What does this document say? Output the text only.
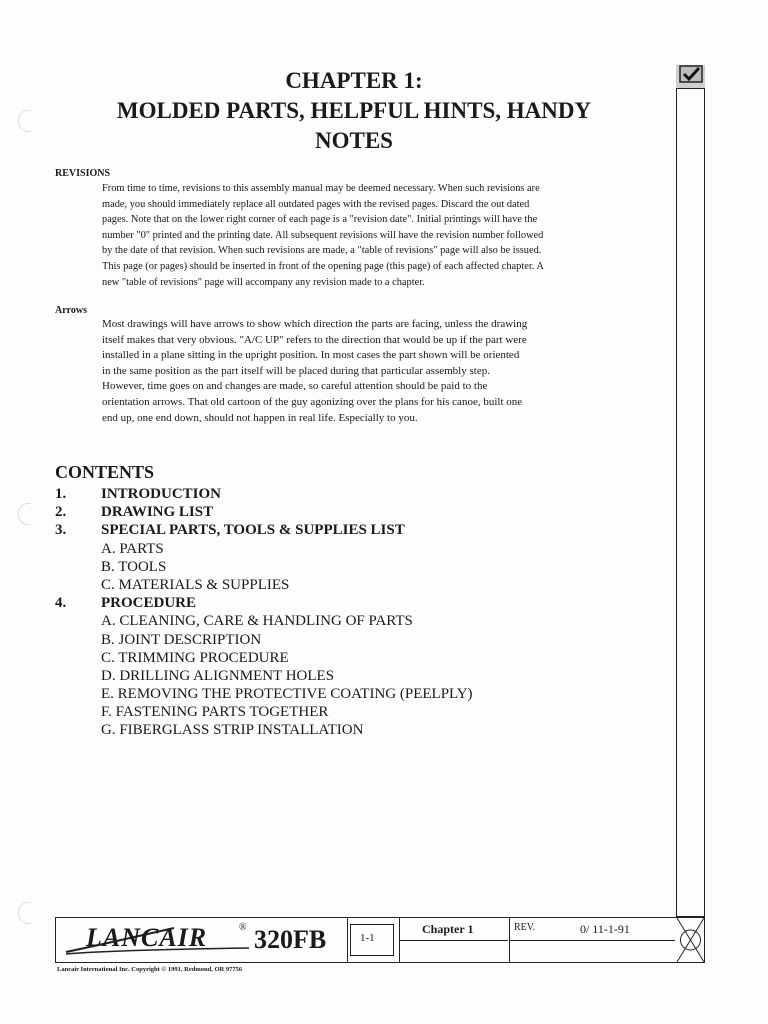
CHAPTER 1:
MOLDED PARTS, HELPFUL HINTS, HANDY
NOTES
REVISIONS
From time to time, revisions to this assembly manual may be deemed necessary. When such revisions are
made, you should immediately replace all outdated pages with the revised pages. Discard the out dated
pages. Note that on the lower right corner of each page is a "revision date". Initial printings will have the
number "0" printed and the printing date. All subsequent revisions will have the revision number followed
by the date of that revision. When such revisions are made, a "table of revisions" page will also be issued.
This page (or pages) should be inserted in front of the opening page (this page) of each affected chapter. A
new "table of revisions" page will accompany any revision made to a chapter.
Arrows
Most drawings will have arrows to show which direction the parts are facing, unless the drawing
itself makes that very obvious. "A/C UP" refers to the direction that would be up if the part were
installed in a plane sitting in the upright position. In most cases the part shown will be oriented
in the same position as the part itself will be placed during that particular assembly step.
However, time goes on and changes are made, so careful attention should be paid to the
orientation arrows. That old cartoon of the guy agonizing over the plans for his canoe, built one
end up, one end down, should not happen in real life. Especially to you.
CONTENTS
1. INTRODUCTION
2. DRAWING LIST
3. SPECIAL PARTS, TOOLS & SUPPLIES LIST
A. PARTS
B. TOOLS
C. MATERIALS & SUPPLIES
4. PROCEDURE
A. CLEANING, CARE & HANDLING OF PARTS
B. JOINT DESCRIPTION
C. TRIMMING PROCEDURE
D. DRILLING ALIGNMENT HOLES
E. REMOVING THE PROTECTIVE COATING (PEELPLY)
F. FASTENING PARTS TOGETHER
G. FIBERGLASS STRIP INSTALLATION
LANCAIR	® 320FB	1-1
Chapter 1	REV.	0/ 11-1-91
Lancair International Inc. Copyright © 1991, Redmond, OR 97756
